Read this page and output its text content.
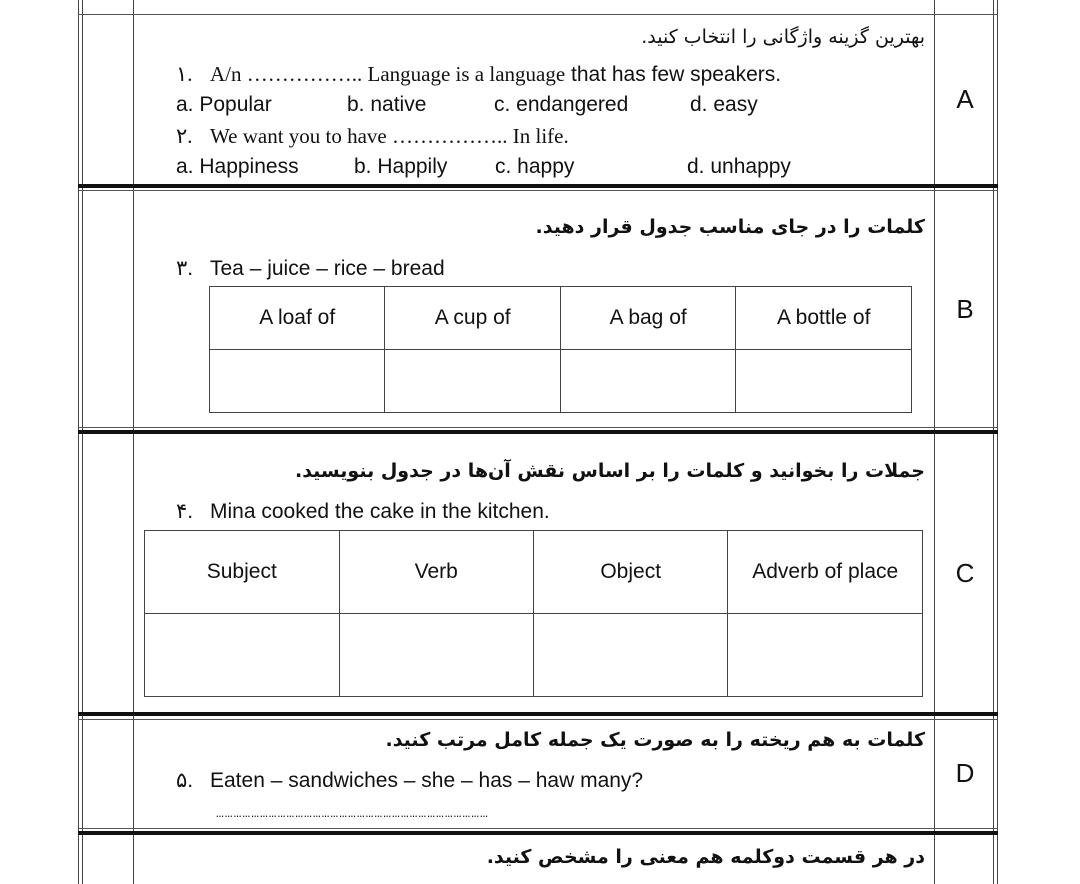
بهترین گزینه واژگانی را انتخاب کنید.
١. A/n …………….. Language is a language that has few speakers.
a. Popular	b. native	c. endangered	d. easy
٢. We want you to have …………….. In life.
a. Happiness	b. Happily c. happy	d. unhappy
A
کلمات را در جای مناسب جدول قرار دهید.
٣. Tea – juice – rice – bread
A loaf of	A cup of	A bag of	A bottle of
				B
جملات را بخوانید و کلمات را بر اساس نقش آن‌ها در جدول بنویسید.
۴. Mina cooked the cake in the kitchen.
Subject	Verb	Object	Adverb of place
				C
کلمات به هم ریخته را به صورت یک جمله کامل مرتب کنید.
۵. Eaten – sandwiches – she – has – haw many?
…………………………………………………………………………………
D
در هر قسمت دوکلمه هم معنی را مشخص کنید.
